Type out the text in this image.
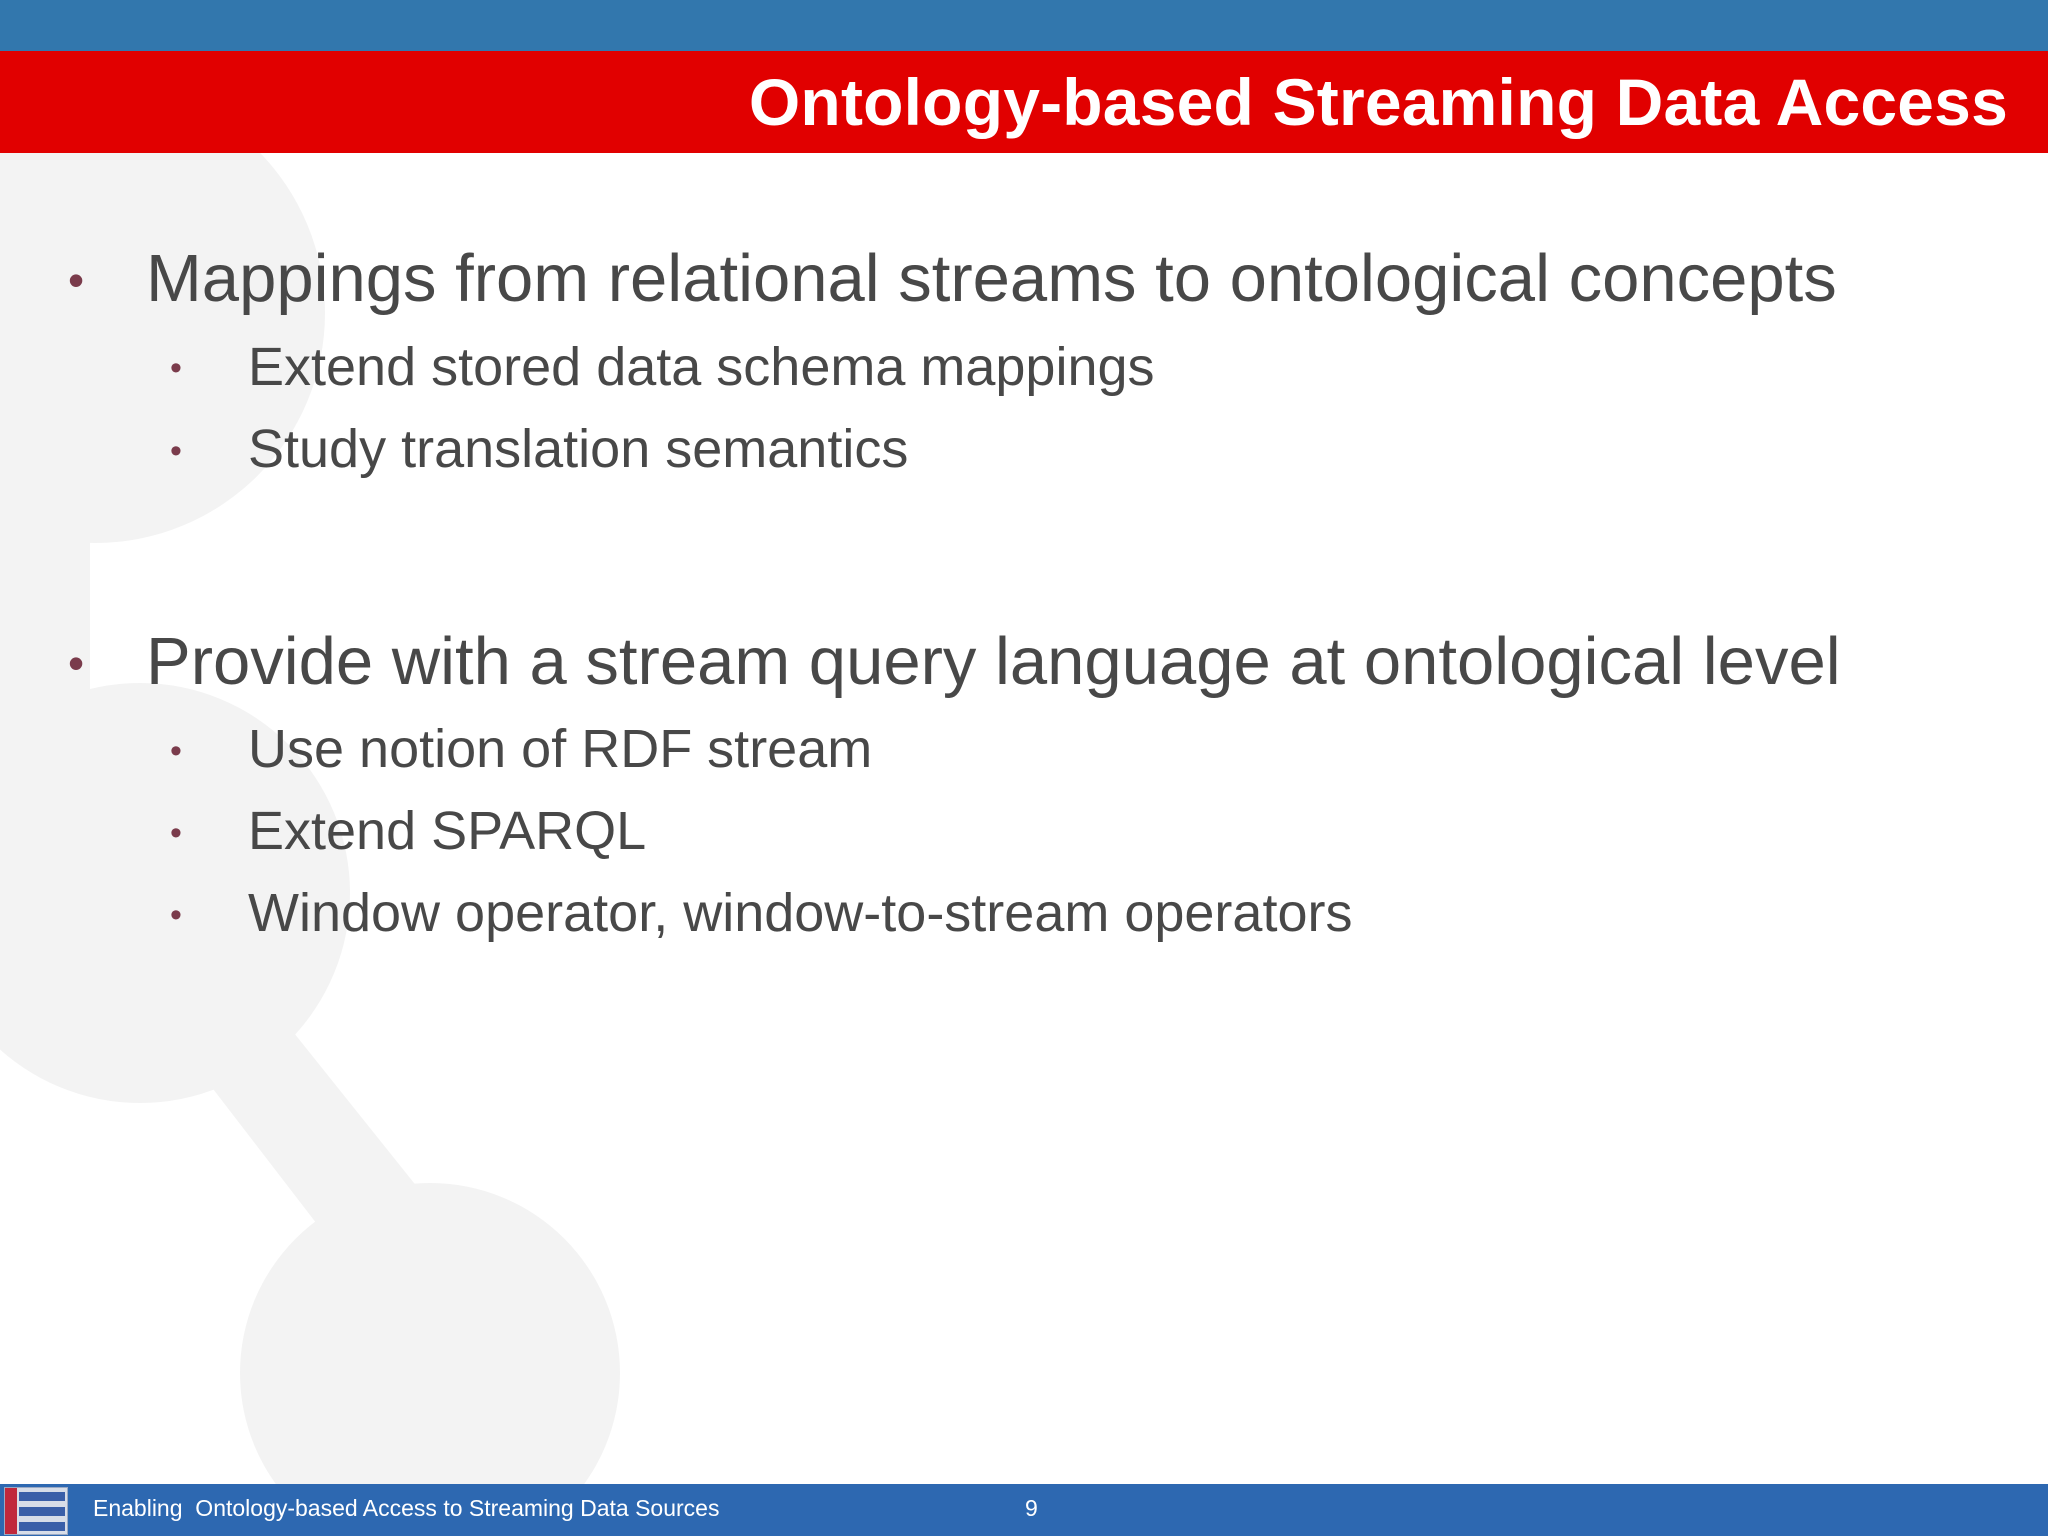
Ontology-based Streaming Data Access
• Mappings from relational streams to ontological concepts
• Extend stored data schema mappings
• Study translation semantics
• Provide with a stream query language at ontological level
• Use notion of RDF stream
• Extend SPARQL
• Window operator, window-to-stream operators
Enabling  Ontology-based Access to Streaming Data Sources	9
